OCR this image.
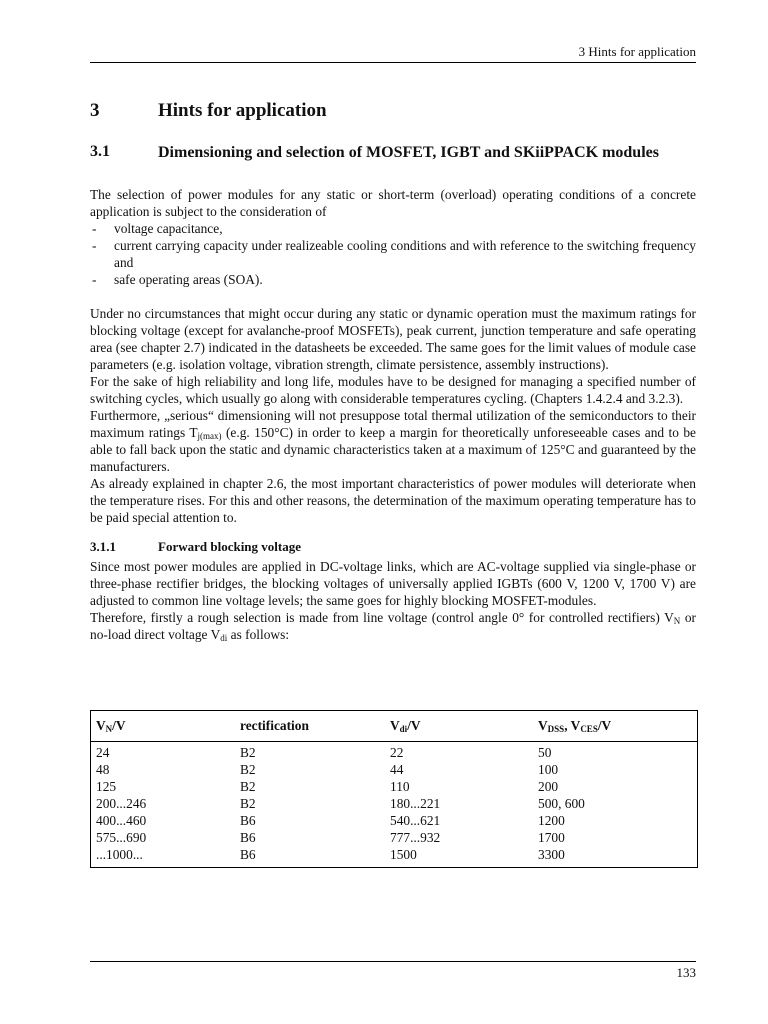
3 Hints for application
3	Hints for application
3.1	Dimensioning and selection of MOSFET, IGBT and SKiiPPACK modules

The selection of power modules for any static or short-term (overload) operating conditions of a concrete application is subject to the consideration of

- voltage capacitance,
- current carrying capacity under realizeable cooling conditions and with reference to the switching frequency and
- safe operating areas (SOA).

Under no circumstances that might occur during any static or dynamic operation must the maximum ratings for blocking voltage (except for avalanche-proof MOSFETs), peak current, junction temperature and safe operating area (see chapter 2.7) indicated in the datasheets be exceeded. The same goes for the limit values of module case parameters (e.g. isolation voltage, vibration strength, climate persistence, assembly instructions).

For the sake of high reliability and long life, modules have to be designed for managing a specified number of switching cycles, which usually go along with considerable temperatures cycling. (Chapters 1.4.2.4 and 3.2.3).

Furthermore, „serious“ dimensioning will not presuppose total thermal utilization of the semiconductors to their maximum ratings $T_{j(max)}$ (e.g. 150°C) in order to keep a margin for theoretically unforeseeable cases and to be able to fall back upon the static and dynamic characteristics taken at a maximum of 125°C and guaranteed by the manufacturers.

As already explained in chapter 2.6, the most important characteristics of power modules will deteriorate when the temperature rises. For this and other reasons, the determination of the maximum operating temperature has to be paid special attention to.

3.1.1	Forward blocking voltage

Since most power modules are applied in DC-voltage links, which are AC-voltage supplied via single-phase or three-phase rectifier bridges, the blocking voltages of universally applied IGBTs (600 V, 1200 V, 1700 V) are adjusted to common line voltage levels; the same goes for highly blocking MOSFET-modules.

Therefore, firstly a rough selection is made from line voltage (control angle 0° for controlled rectifiers) $V_N$ or no-load direct voltage $V_{di}$ as follows:

$V_N/V$	rectification	$V_{di}/V$	$V_{DSS}$, $V_{CES}/V$
24	B2	22	50
48	B2	44	100
125	B2	110	200
200...246	B2	180...221	500, 600
400...460	B6	540...621	1200
575...690	B6	777...932	1700
...1000...	B6	1500	3300
133
